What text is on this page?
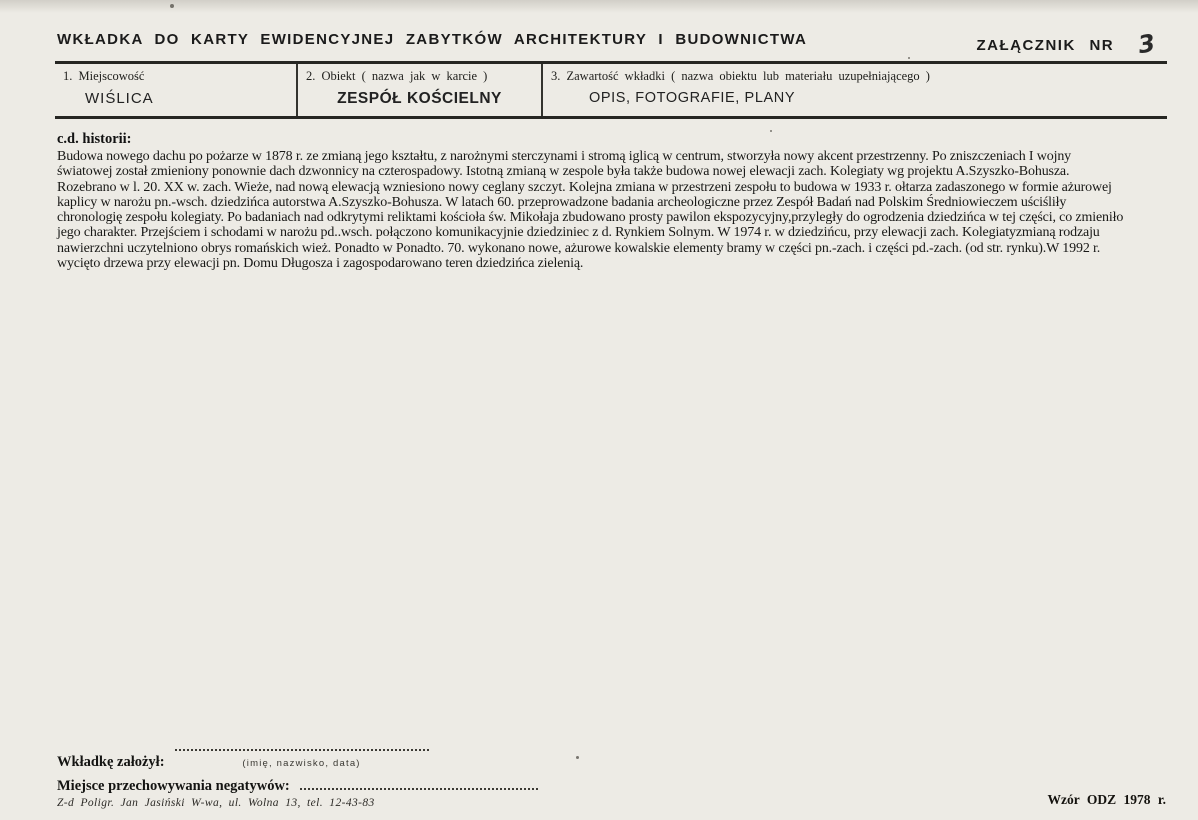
WKŁADKA DO KARTY EWIDENCYJNEJ ZABYTKÓW ARCHITEKTURY I BUDOWNICTWA	ZAŁĄCZNIK NR 3
1. Miejscowość
WIŚLICA
2. Obiekt ( nazwa jak w karcie )
ZESPÓŁ KOŚCIELNY
3. Zawartość wkładki ( nazwa obiektu lub materiału uzupełniającego )
OPIS, FOTOGRAFIE, PLANY
c.d. historii:
Budowa nowego dachu po pożarze w 1878 r. ze zmianą jego kształtu, z narożnymi sterczynami i stromą iglicą w centrum, stworzyła nowy akcent przestrzenny. Po zniszczeniach I wojny
światowej został zmieniony ponownie dach dzwonnicy na czterospadowy. Istotną zmianą w zespole była także budowa nowej elewacji zach. Kolegiaty wg projektu A.Szyszko-Bohusza.
Rozebrano w l. 20. XX w. zach. Wieże, nad nową elewacją wzniesiono nowy ceglany szczyt. Kolejna zmiana w przestrzeni zespołu to budowa w 1933 r. ołtarza zadaszonego w formie ażurowej
kaplicy w narożu pn.-wsch. dziedzińca autorstwa A.Szyszko-Bohusza. W latach 60. przeprowadzone badania archeologiczne przez Zespół Badań nad Polskim Średniowieczem uściśliły
chronologię zespołu kolegiaty. Po badaniach nad odkrytymi reliktami kościoła św. Mikołaja zbudowano prosty pawilon ekspozycyjny,przyległy do ogrodzenia dziedzińca w tej części, co zmieniło
jego charakter. Przejściem i schodami w narożu pd..wsch. połączono komunikacyjnie dziedziniec z d. Rynkiem Solnym. W 1974 r. w dziedzińcu, przy elewacji zach. Kolegiatyzmianą rodzaju
nawierzchni uczytelniono obrys romańskich wież. Ponadto w Ponadto. 70. wykonano nowe, ażurowe kowalskie elementy bramy w części pn.-zach. i części pd.-zach. (od str. rynku).W 1992 r.
wycięto drzewa przy elewacji pn. Domu Długosza i zagospodarowano teren dziedzińca zielenią.
Wkładkę założył:	(imię, nazwisko, data)
Miejsce przechowywania negatywów:
Z-d Poligr. Jan Jasiński W-wa, ul. Wolna 13, tel. 12-43-83	Wzór ODZ 1978 r.
